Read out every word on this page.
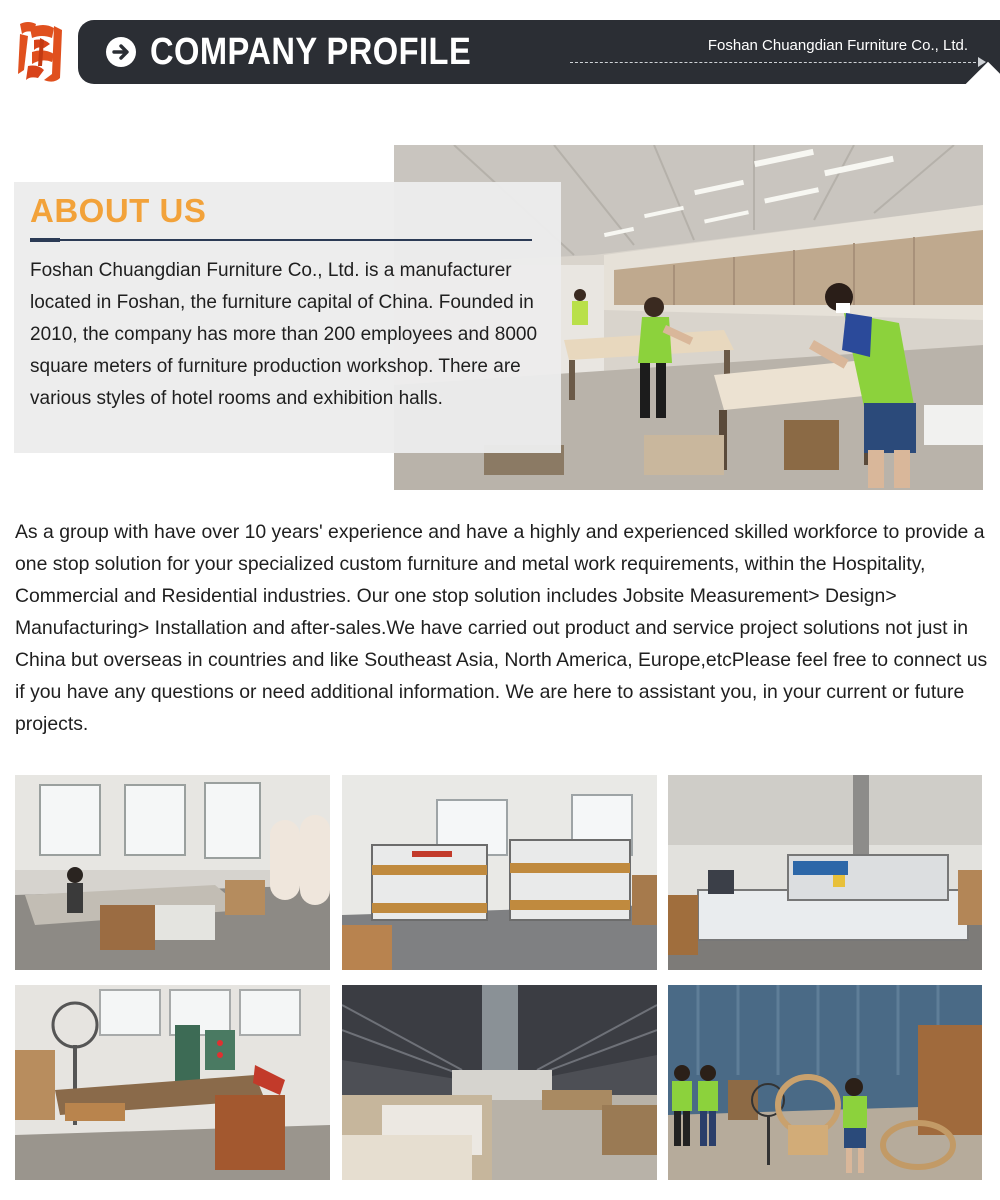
COMPANY PROFILE	Foshan Chuangdian Furniture Co., Ltd.
ABOUT US
Foshan Chuangdian Furniture Co., Ltd. is a manufacturer located in Foshan, the furniture capital of China. Founded in 2010, the company has more than 200 employees and 8000 square meters of furniture production workshop. There are various styles of hotel rooms and exhibition halls.
As a group with have over 10 years' experience and have a highly and experienced skilled workforce to provide a one stop solution for your specialized custom furniture and metal work requirements, within the Hospitality, Commercial and Residential industries. Our one stop solution includes Jobsite Measurement> Design> Manufacturing> Installation and after-sales.We have carried out product and service project solutions not just in China but overseas in countries and like Southeast Asia, North America, Europe,etcPlease feel free to connect us if you have any questions or need additional information. We are here to assistant you, in your current or future projects.
